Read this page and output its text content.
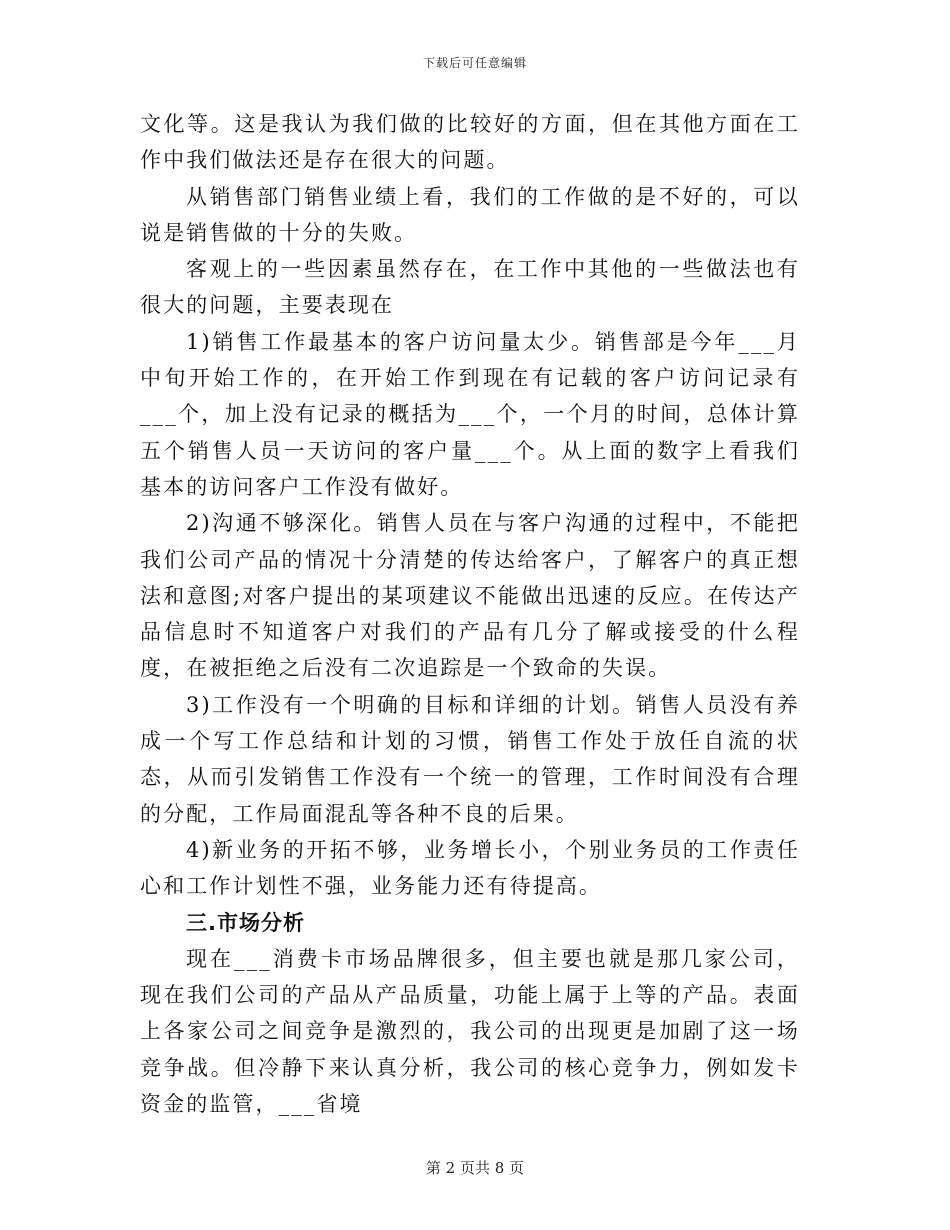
下载后可任意编辑

文化等。这是我认为我们做的比较好的方面，但在其他方面在工作中我们做法还是存在很大的问题。

从销售部门销售业绩上看，我们的工作做的是不好的，可以说是销售做的十分的失败。

客观上的一些因素虽然存在，在工作中其他的一些做法也有很大的问题，主要表现在

1)销售工作最基本的客户访问量太少。销售部是今年___月中旬开始工作的，在开始工作到现在有记载的客户访问记录有___个，加上没有记录的概括为___个，一个月的时间，总体计算五个销售人员一天访问的客户量___个。从上面的数字上看我们基本的访问客户工作没有做好。

2)沟通不够深化。销售人员在与客户沟通的过程中，不能把我们公司产品的情况十分清楚的传达给客户，了解客户的真正想法和意图;对客户提出的某项建议不能做出迅速的反应。在传达产品信息时不知道客户对我们的产品有几分了解或接受的什么程度，在被拒绝之后没有二次追踪是一个致命的失误。

3)工作没有一个明确的目标和详细的计划。销售人员没有养成一个写工作总结和计划的习惯，销售工作处于放任自流的状态，从而引发销售工作没有一个统一的管理，工作时间没有合理的分配，工作局面混乱等各种不良的后果。

4)新业务的开拓不够，业务增长小，个别业务员的工作责任心和工作计划性不强，业务能力还有待提高。

三.市场分析

现在___消费卡市场品牌很多，但主要也就是那几家公司，现在我们公司的产品从产品质量，功能上属于上等的产品。表面上各家公司之间竞争是激烈的，我公司的出现更是加剧了这一场竞争战。但冷静下来认真分析，我公司的核心竞争力，例如发卡资金的监管，___省境

第 2 页共 8 页
